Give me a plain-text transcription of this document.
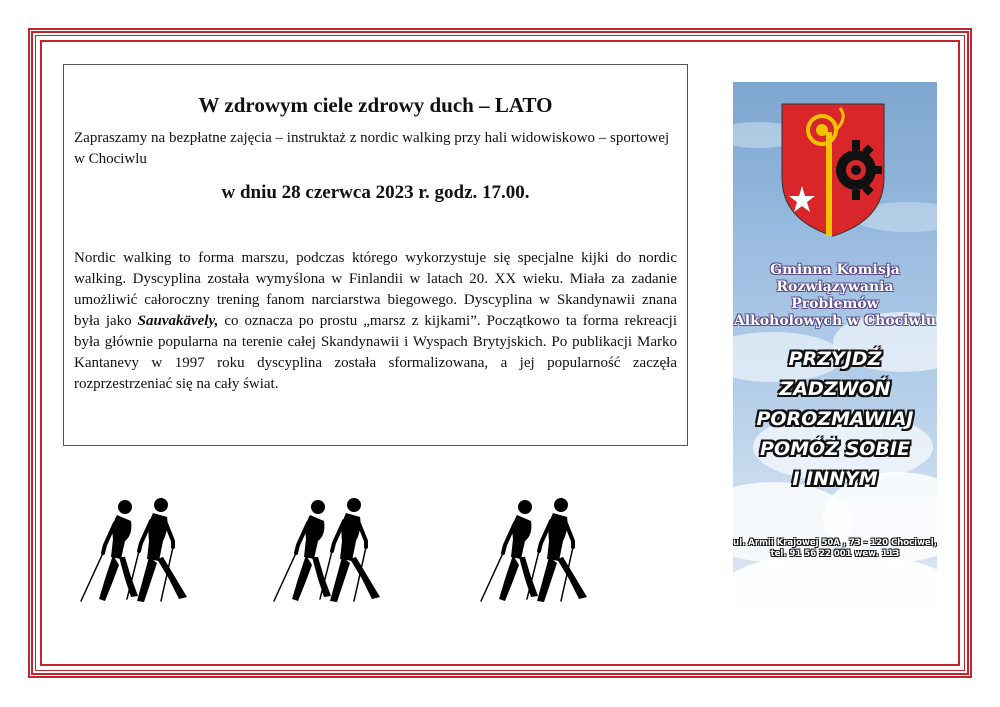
W zdrowym ciele zdrowy duch – LATO

Zapraszamy na bezpłatne zajęcia – instruktaż z nordic walking przy hali widowiskowo – sportowej w Chociwlu

w dniu 28 czerwca 2023 r. godz. 17.00.

Nordic walking to forma marszu, podczas którego wykorzystuje się specjalne kijki do nordic walking. Dyscyplina została wymyślona w Finlandii w latach 20. XX wieku. Miała za zadanie umożliwić całoroczny trening fanom narciarstwa biegowego. Dyscyplina w Skandynawii znana była jako Sauvakävely, co oznacza po prostu „marsz z kijkami”. Początkowo ta forma rekreacji była głównie popularna na terenie całej Skandynawii i Wyspach Brytyjskich. Po publikacji Marko Kantanevy w 1997 roku dyscyplina została sformalizowana, a jej popularność zaczęła rozprzestrzeniać się na cały świat.

Gminna Komisja
Rozwiązywania Problemów
Alkoholowych w Chociwlu
PRZYJDŹ
ZADZWOŃ
POROZMAWIAJ
POMÓŻ SOBIE
I INNYM
ul. Armii Krajowej 50A , 73 - 120 Chociwel,
tel. 91 56 22 001 wew. 113
